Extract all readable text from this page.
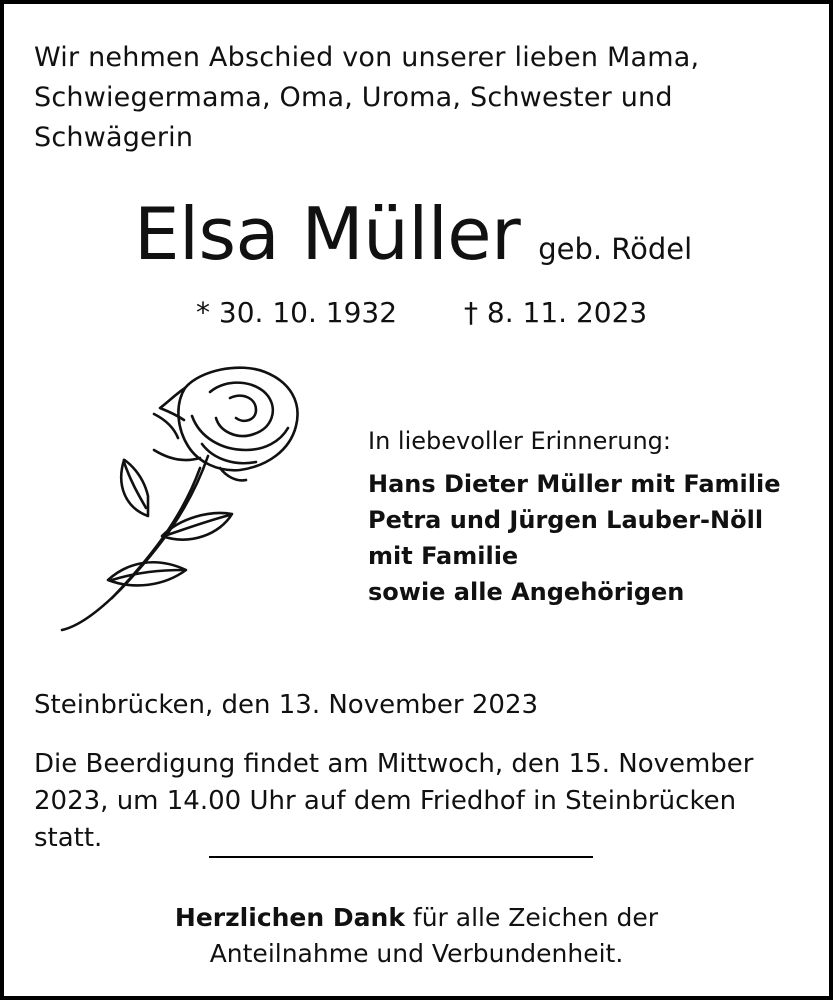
Wir nehmen Abschied von unserer lieben Mama,
Schwiegermama, Oma, Uroma, Schwester und
Schwägerin
Elsa Müller geb. Rödel
* 30. 10. 1932 † 8. 11. 2023
In liebevoller Erinnerung:
Hans Dieter Müller mit Familie
Petra und Jürgen Lauber-Nöll
mit Familie
sowie alle Angehörigen
Steinbrücken, den 13. November 2023
Die Beerdigung findet am Mittwoch, den 15. November
2023, um 14.00 Uhr auf dem Friedhof in Steinbrücken
statt.
Herzlichen Dank für alle Zeichen der
Anteilnahme und Verbundenheit.
